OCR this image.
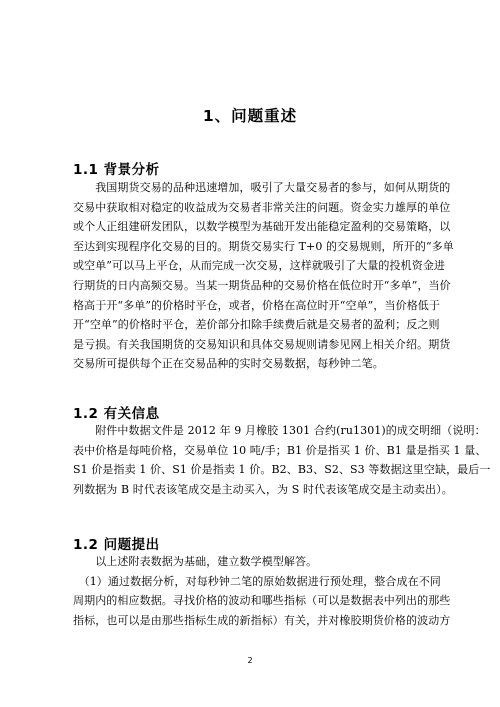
1、问题重述
1.1 背景分析
　　我国期货交易的品种迅速增加，吸引了大量交易者的参与，如何从期货的
交易中获取相对稳定的收益成为交易者非常关注的问题。资金实力雄厚的单位
或个人正组建研发团队，以数学模型为基础开发出能稳定盈利的交易策略，以
至达到实现程序化交易的目的。期货交易实行 T+0 的交易规则，所开的“多单
或空单”可以马上平仓，从而完成一次交易，这样就吸引了大量的投机资金进
行期货的日内高频交易。当某一期货品种的交易价格在低位时开“多单”，当价
格高于开“多单”的价格时平仓，或者，价格在高位时开“空单”，当价格低于
开“空单”的价格时平仓，差价部分扣除手续费后就是交易者的盈利；反之则
是亏损。有关我国期货的交易知识和具体交易规则请参见网上相关介绍。期货
交易所可提供每个正在交易品种的实时交易数据，每秒钟二笔。
1.2 有关信息
　　附件中数据文件是 2012 年 9 月橡胶 1301 合约(ru1301)的成交明细（说明：
表中价格是每吨价格，交易单位 10 吨/手；B1 价是指买 1 价、B1 量是指买 1 量、
S1 价是指卖 1 价、S1 价是指卖 1 价。B2、B3、S2、S3 等数据这里空缺，最后一
列数据为 B 时代表该笔成交是主动买入，为 S 时代表该笔成交是主动卖出）。
1.2 问题提出
　　以上述附表数据为基础，建立数学模型解答。
　（1）通过数据分析，对每秒钟二笔的原始数据进行预处理，整合成在不同
周期内的相应数据。寻找价格的波动和哪些指标（可以是数据表中列出的那些
指标，也可以是由那些指标生成的新指标）有关，并对橡胶期货价格的波动方
2
